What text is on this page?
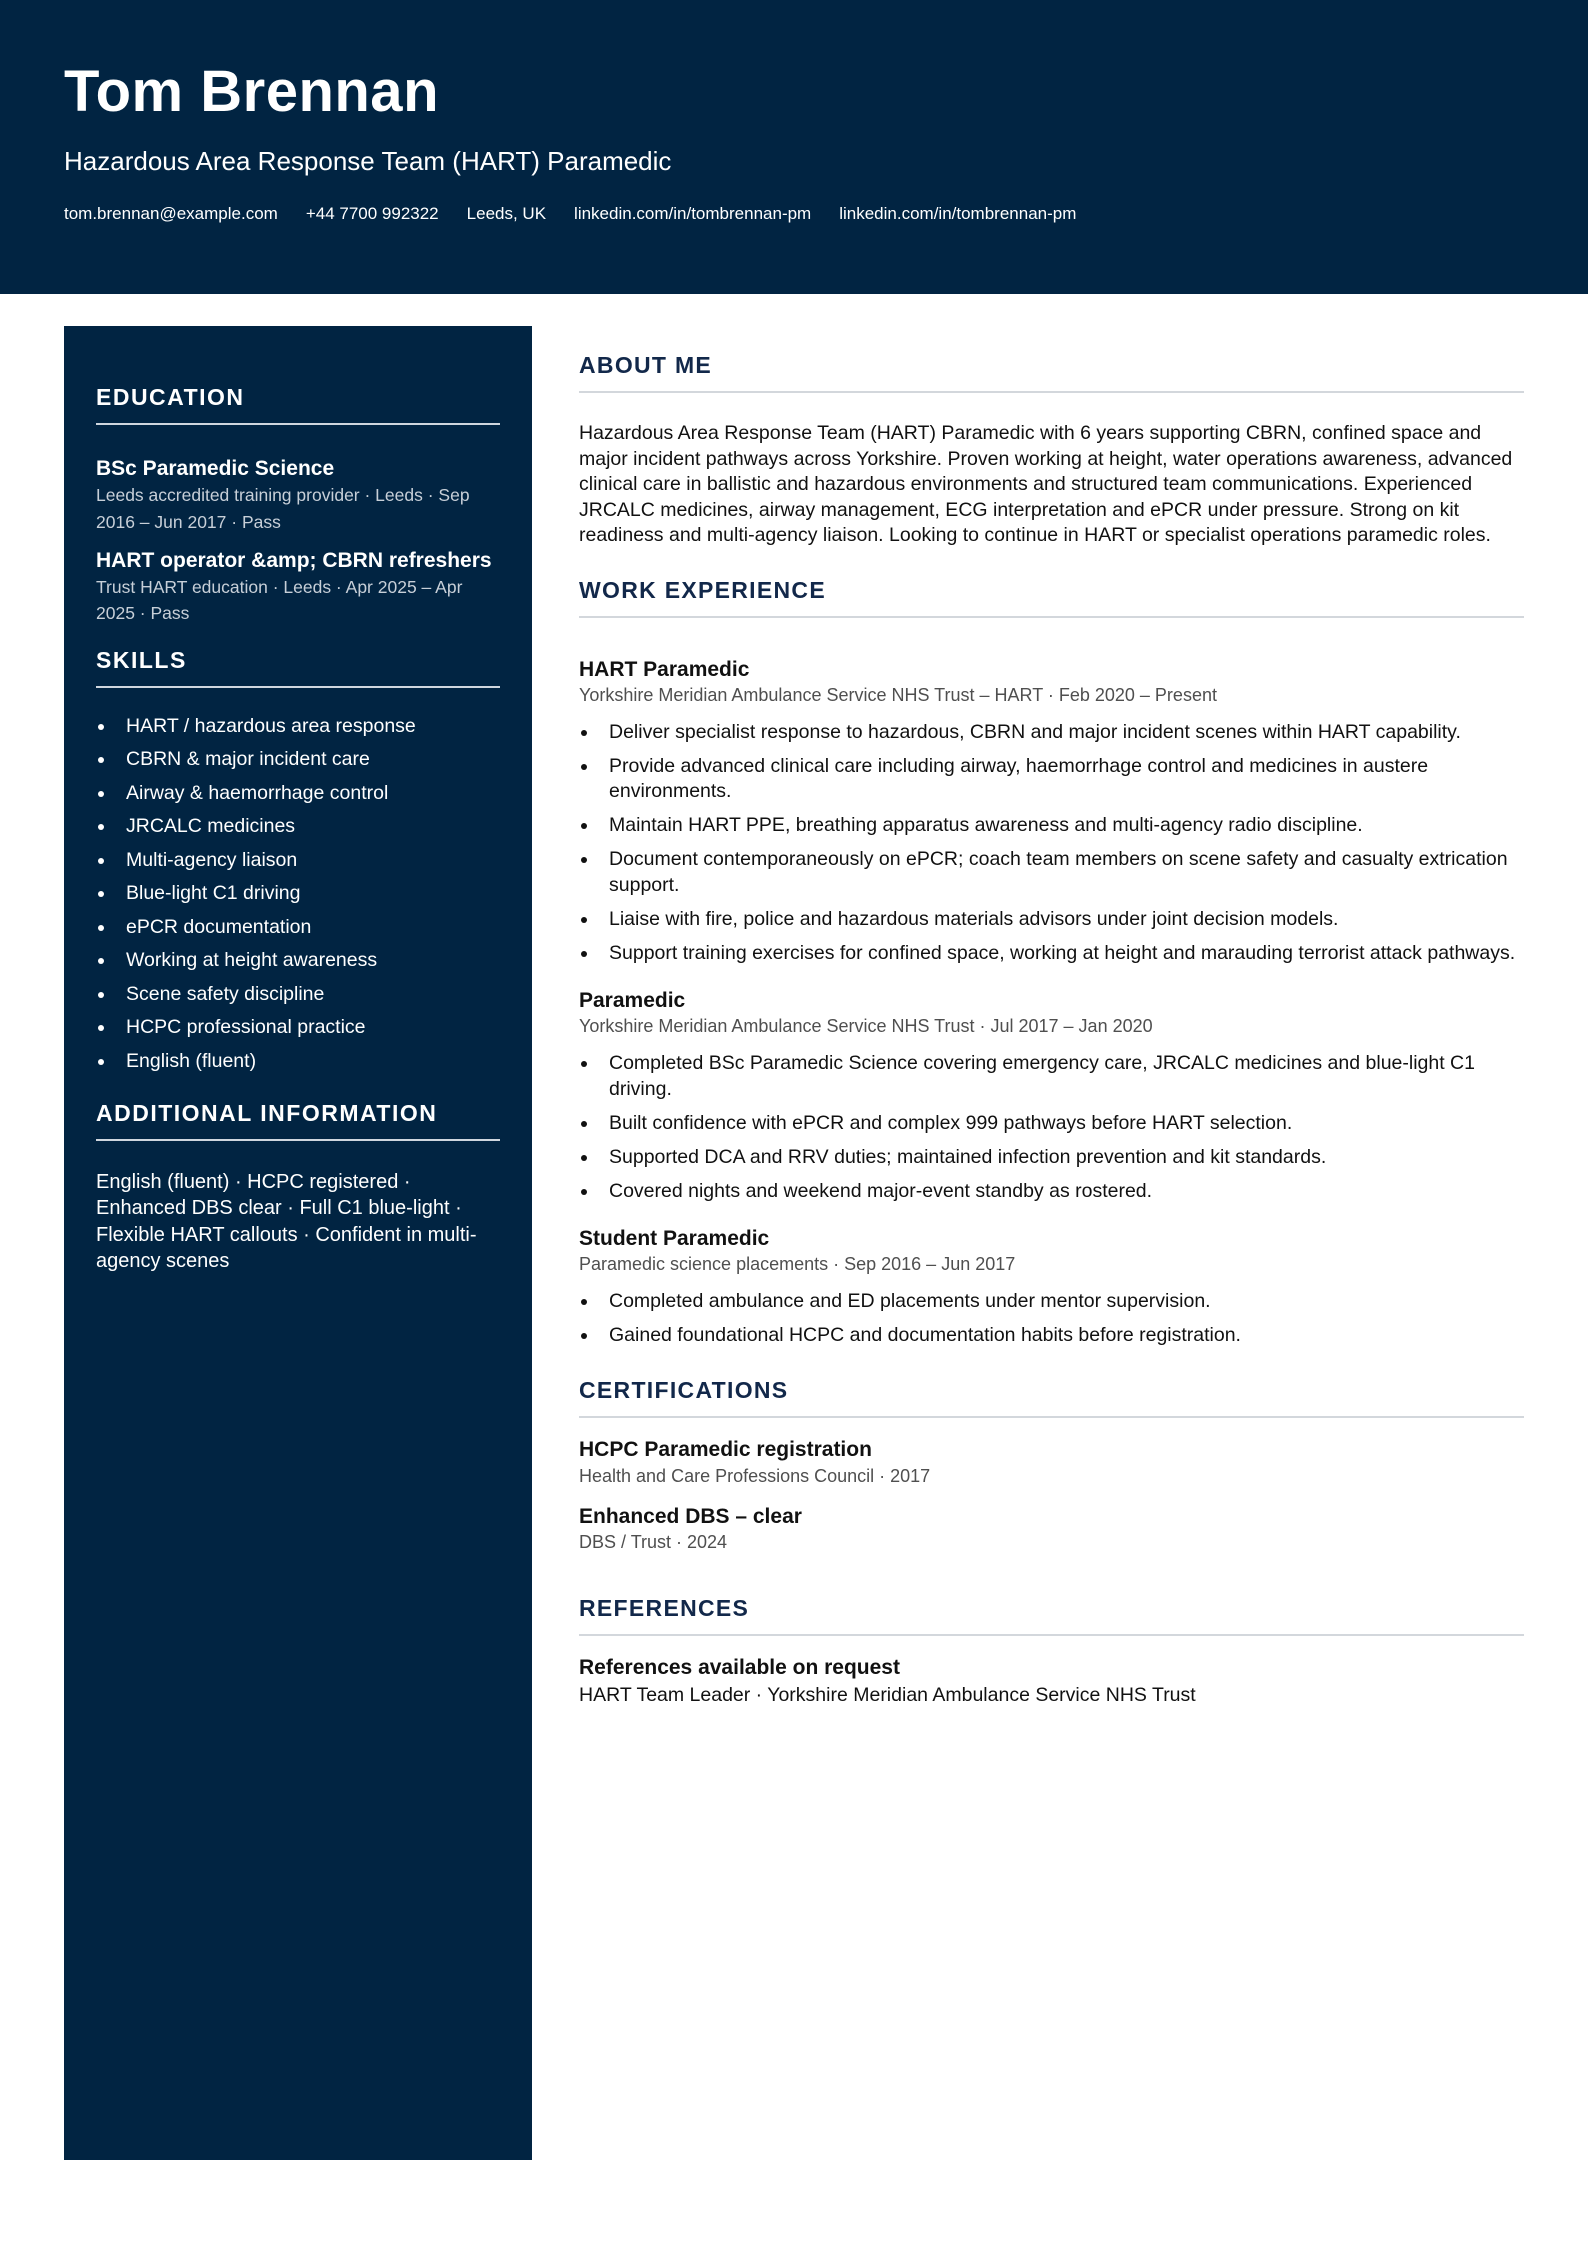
Tom Brennan
Hazardous Area Response Team (HART) Paramedic
tom.brennan@example.com +44 7700 992322 Leeds, UK linkedin.com/in/tombrennan-pm linkedin.com/in/tombrennan-pm
EDUCATION

BSc Paramedic Science

Leeds accredited training provider · Leeds · Sep 2016 – Jun 2017 · Pass

HART operator &amp; CBRN refreshers

Trust HART education · Leeds · Apr 2025 – Apr 2025 · Pass

SKILLS
HART / hazardous area response
CBRN & major incident care
Airway & haemorrhage control
JRCALC medicines
Multi-agency liaison
Blue-light C1 driving
ePCR documentation
Working at height awareness
Scene safety discipline
HCPC professional practice
English (fluent)
ADDITIONAL INFORMATION

English (fluent) · HCPC registered · Enhanced DBS clear · Full C1 blue-light · Flexible HART callouts · Confident in multi-agency scenes

ABOUT ME

Hazardous Area Response Team (HART) Paramedic with 6 years supporting CBRN, confined space and major incident pathways across Yorkshire. Proven working at height, water operations awareness, advanced clinical care in ballistic and hazardous environments and structured team communications. Experienced JRCALC medicines, airway management, ECG interpretation and ePCR under pressure. Strong on kit readiness and multi-agency liaison. Looking to continue in HART or specialist operations paramedic roles.

WORK EXPERIENCE

HART Paramedic

Yorkshire Meridian Ambulance Service NHS Trust – HART · Feb 2020 – Present

Deliver specialist response to hazardous, CBRN and major incident scenes within HART capability.
Provide advanced clinical care including airway, haemorrhage control and medicines in austere environments.
Maintain HART PPE, breathing apparatus awareness and multi-agency radio discipline.
Document contemporaneously on ePCR; coach team members on scene safety and casualty extrication support.
Liaise with fire, police and hazardous materials advisors under joint decision models.
Support training exercises for confined space, working at height and marauding terrorist attack pathways.

Paramedic

Yorkshire Meridian Ambulance Service NHS Trust · Jul 2017 – Jan 2020

Completed BSc Paramedic Science covering emergency care, JRCALC medicines and blue-light C1 driving.
Built confidence with ePCR and complex 999 pathways before HART selection.
Supported DCA and RRV duties; maintained infection prevention and kit standards.
Covered nights and weekend major-event standby as rostered.

Student Paramedic

Paramedic science placements · Sep 2016 – Jun 2017

Completed ambulance and ED placements under mentor supervision.
Gained foundational HCPC and documentation habits before registration.
CERTIFICATIONS

HCPC Paramedic registration

Health and Care Professions Council · 2017

Enhanced DBS – clear

DBS / Trust · 2024

REFERENCES

References available on request

HART Team Leader · Yorkshire Meridian Ambulance Service NHS Trust
